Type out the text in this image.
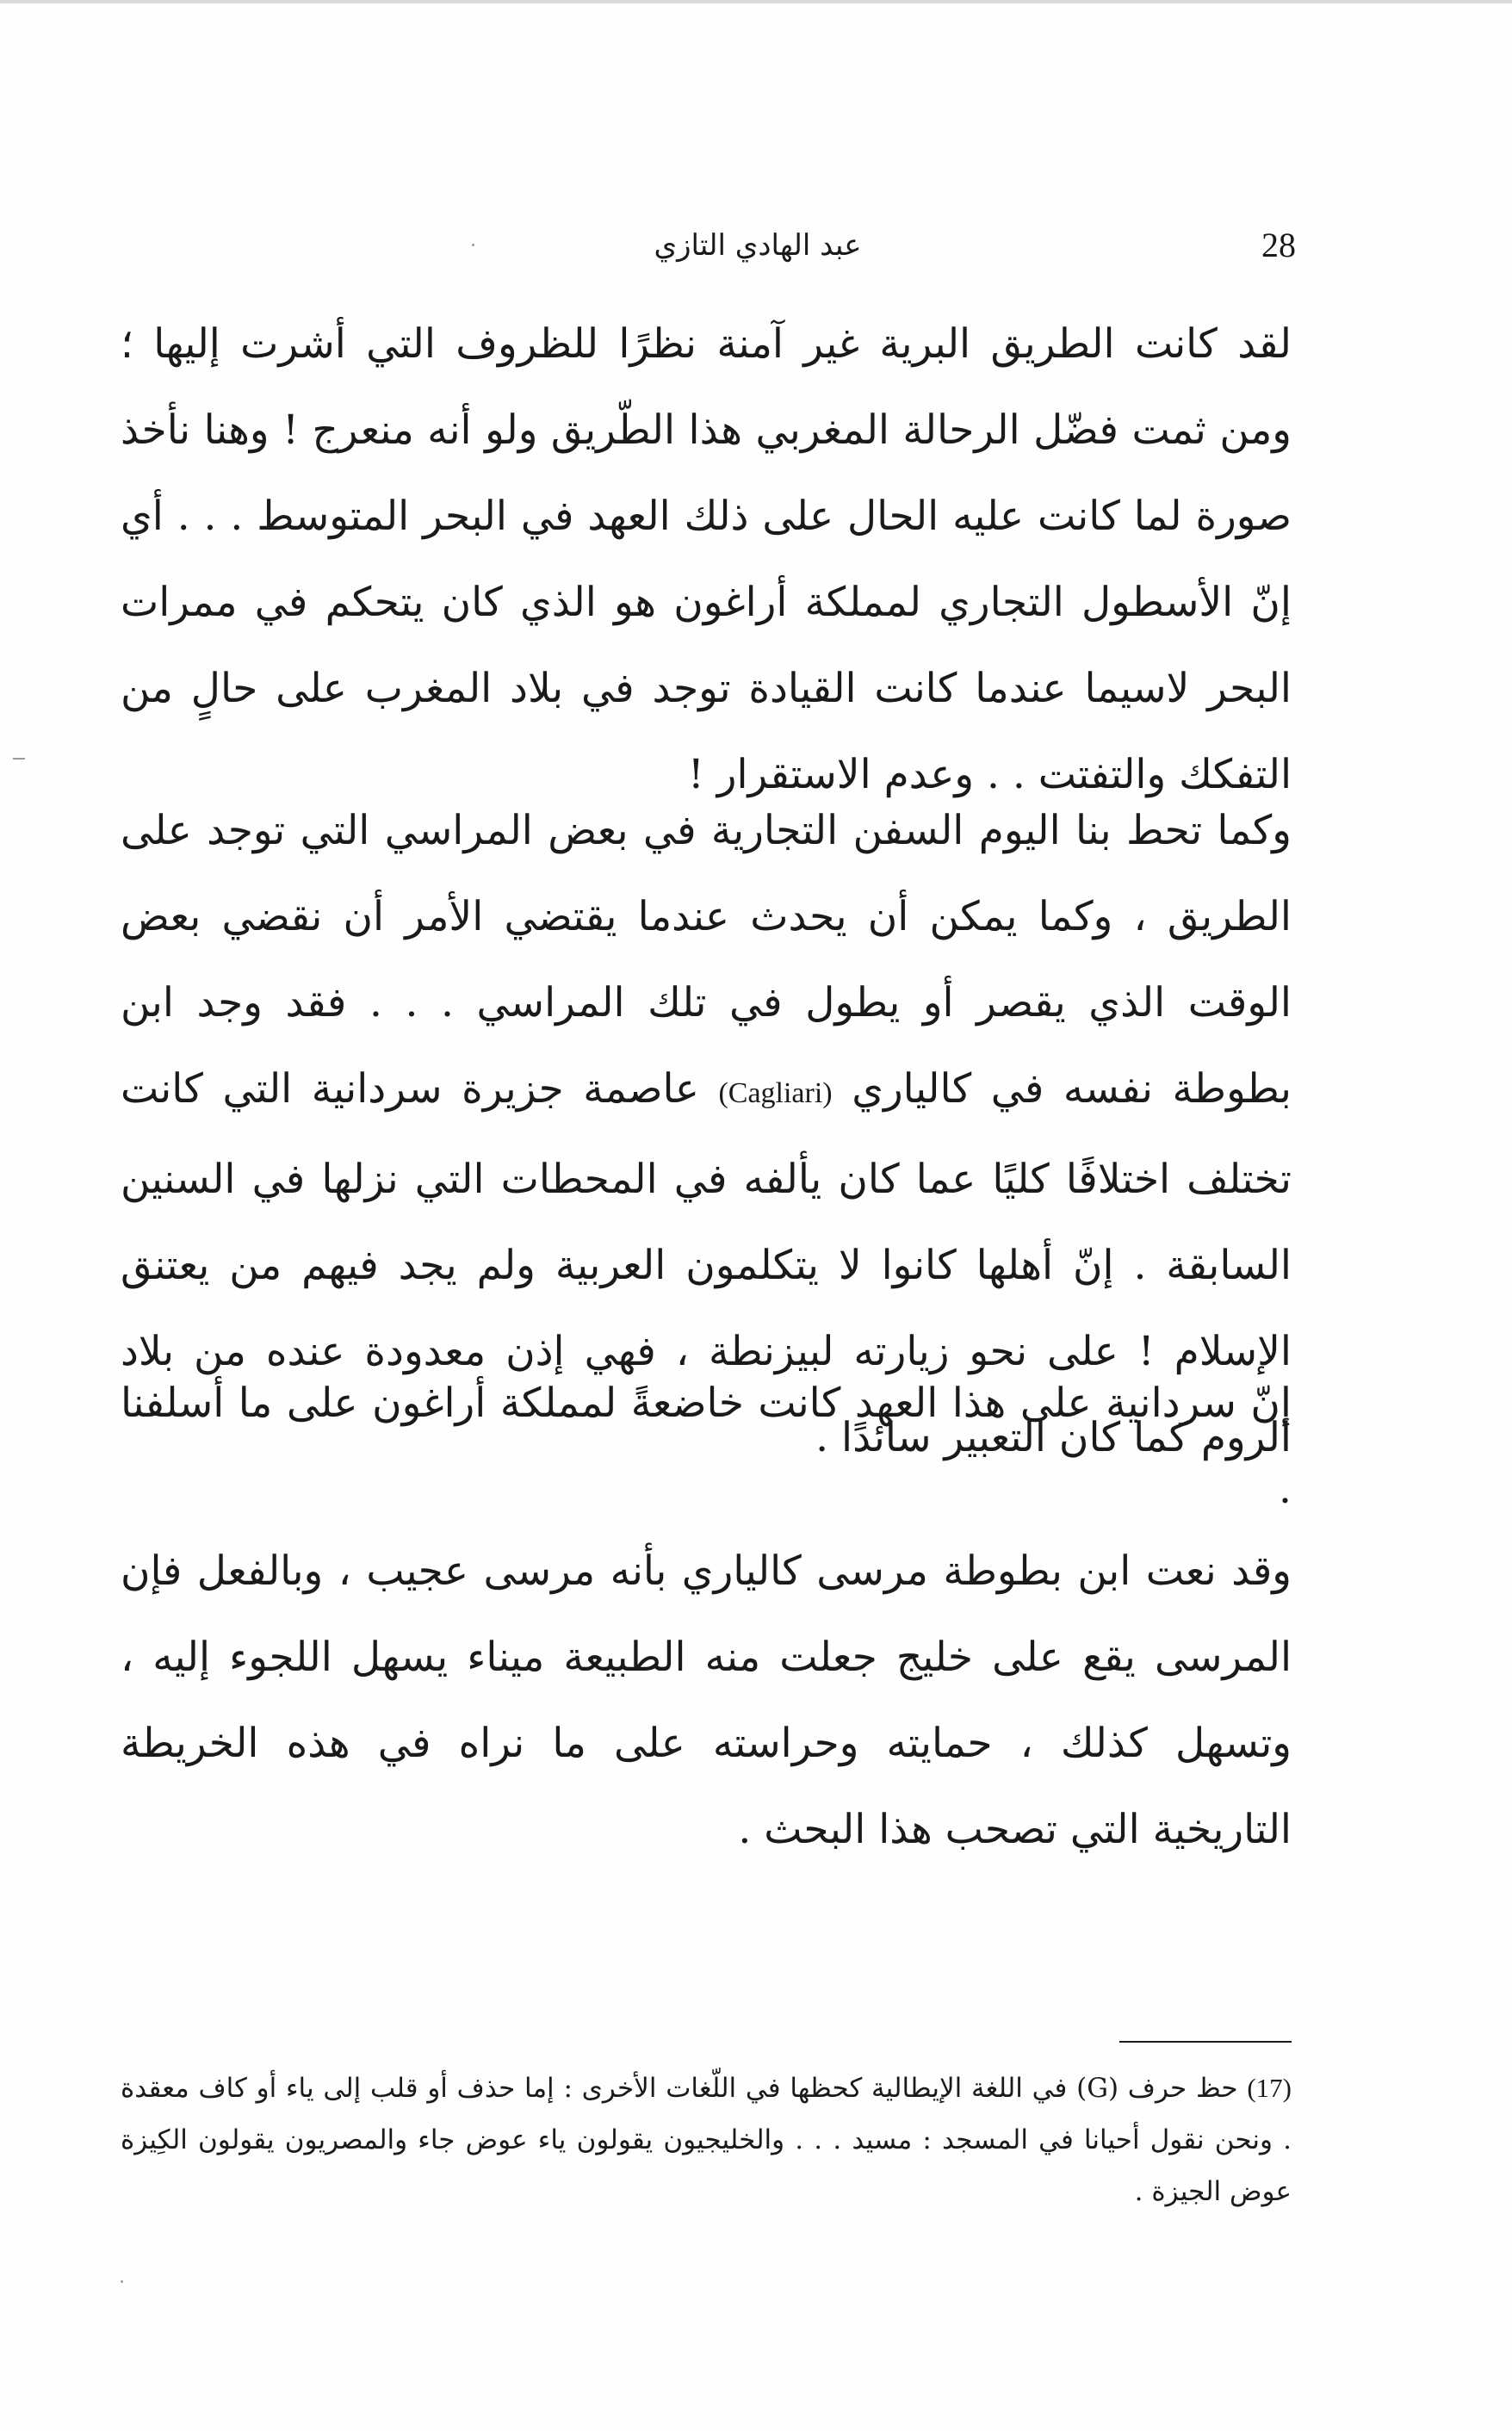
28
عبد الهادي التازي

لقد كانت الطريق البرية غير آمنة نظرًا للظروف التي أشرت إليها ؛ ومن ثمت فضّل الرحالة المغربي هذا الطّريق ولو أنه منعرج ! وهنا نأخذ صورة لما كانت عليه الحال على ذلك العهد في البحر المتوسط . . . أي إنّ الأسطول التجاري لمملكة أراغون هو الذي كان يتحكم في ممرات البحر لاسيما عندما كانت القيادة توجد في بلاد المغرب على حالٍ من التفكك والتفتت . . وعدم الاستقرار !

وكما تحط بنا اليوم السفن التجارية في بعض المراسي التي توجد على الطريق ، وكما يمكن أن يحدث عندما يقتضي الأمر أن نقضي بعض الوقت الذي يقصر أو يطول في تلك المراسي . . . فقد وجد ابن بطوطة نفسه في كالياري (Cagliari) عاصمة جزيرة سردانية التي كانت تختلف اختلافًا كليًا عما كان يألفه في المحطات التي نزلها في السنين السابقة . إنّ أهلها كانوا لا يتكلمون العربية ولم يجد فيهم من يعتنق الإسلام ! على نحو زيارته لبيزنطة ، فهي إذن معدودة عنده من بلاد الروم كما كان التعبير سائدًا .

إنّ سردانية على هذا العهد كانت خاضعةً لمملكة أراغون على ما أسلفنا .

وقد نعت ابن بطوطة مرسى كالياري بأنه مرسى عجيب ، وبالفعل فإن المرسى يقع على خليج جعلت منه الطبيعة ميناء يسهل اللجوء إليه ، وتسهل كذلك ، حمايته وحراسته على ما نراه في هذه الخريطة التاريخية التي تصحب هذا البحث .

(17) حظ حرف (G) في اللغة الإيطالية كحظها في اللّغات الأخرى : إما حذف أو قلب إلى ياء أو كاف معقدة . ونحن نقول أحيانا في المسجد : مسيد . . . والخليجيون يقولون ياء عوض جاء والمصريون يقولون الكِيزة عوض الجيزة .
